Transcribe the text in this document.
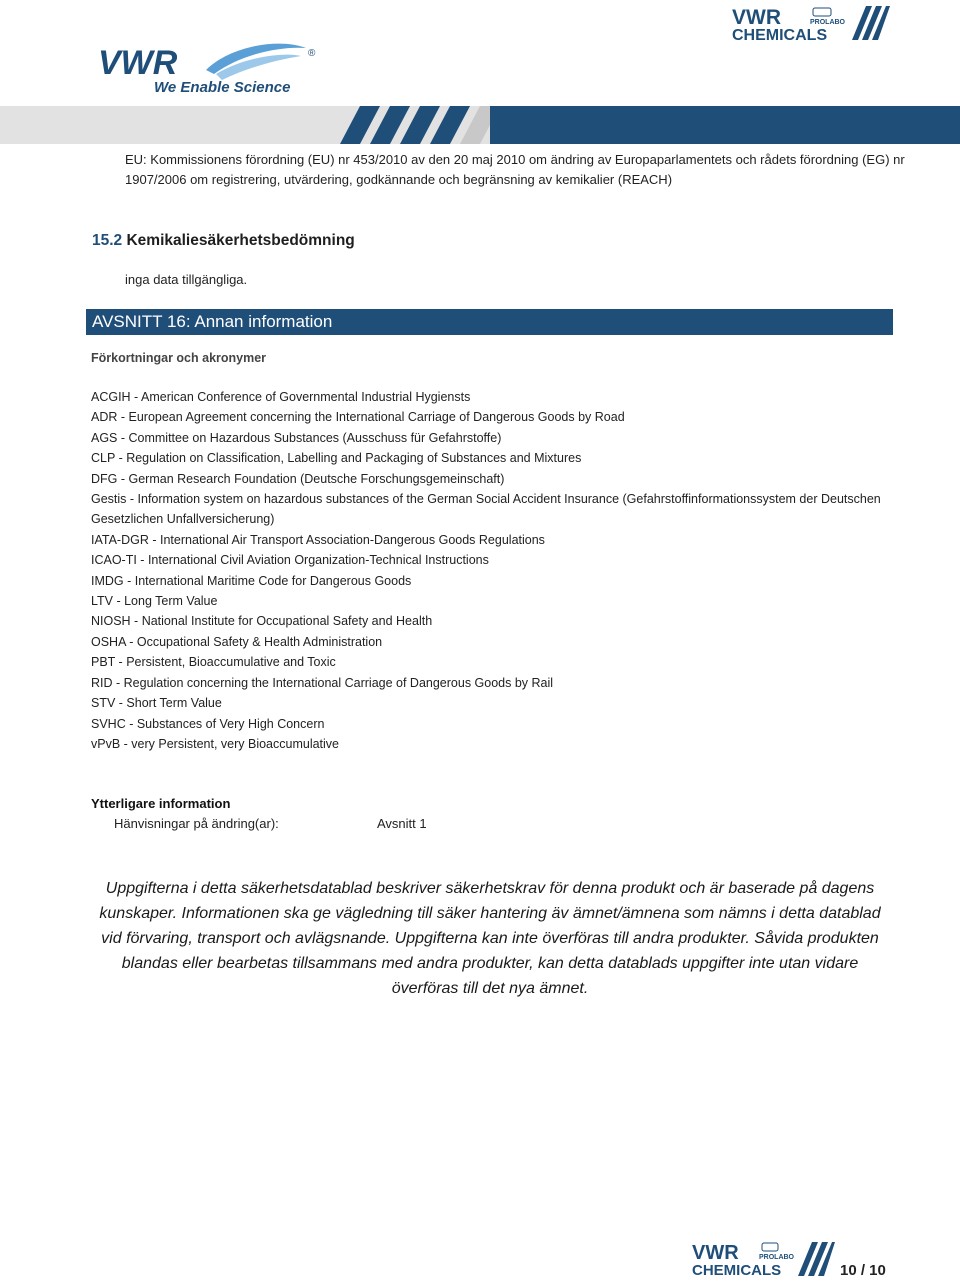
VWR	®
We Enable Science
VWR	PROLABO
CHEMICALS
EU: Kommissionens förordning (EU) nr 453/2010 av den 20 maj 2010 om ändring av Europaparlamentets och rådets förordning (EG) nr 1907/2006 om registrering, utvärdering, godkännande och begränsning av kemikalier (REACH)
15.2 Kemikaliesäkerhetsbedömning
inga data tillgängliga.
AVSNITT 16: Annan information
Förkortningar och akronymer
ACGIH - American Conference of Governmental Industrial Hygiensts
ADR - European Agreement concerning the International Carriage of Dangerous Goods by Road
AGS - Committee on Hazardous Substances (Ausschuss für Gefahrstoffe)
CLP - Regulation on Classification, Labelling and Packaging of Substances and Mixtures
DFG - German Research Foundation (Deutsche Forschungsgemeinschaft)
Gestis - Information system on hazardous substances of the German Social Accident Insurance (Gefahrstoffinformationssystem der Deutschen Gesetzlichen Unfallversicherung)
IATA-DGR - International Air Transport Association-Dangerous Goods Regulations
ICAO-TI - International Civil Aviation Organization-Technical Instructions
IMDG - International Maritime Code for Dangerous Goods
LTV - Long Term Value
NIOSH - National Institute for Occupational Safety and Health
OSHA - Occupational Safety & Health Administration
PBT - Persistent, Bioaccumulative and Toxic
RID - Regulation concerning the International Carriage of Dangerous Goods by Rail
STV - Short Term Value
SVHC - Substances of Very High Concern
vPvB - very Persistent, very Bioaccumulative
Ytterligare information
Hänvisningar på ändring(ar):	Avsnitt 1
Uppgifterna i detta säkerhetsdatablad beskriver säkerhetskrav för denna produkt och är baserade på dagens kunskaper. Informationen ska ge vägledning till säker hantering äv ämnet/ämnena som nämns i detta datablad vid förvaring, transport och avlägsnande. Uppgifterna kan inte överföras till andra produkter. Såvida produkten blandas eller bearbetas tillsammans med andra produkter, kan detta datablads uppgifter inte utan vidare överföras till det nya ämnet.
VWR	PROLABO
CHEMICALS	10 / 10
